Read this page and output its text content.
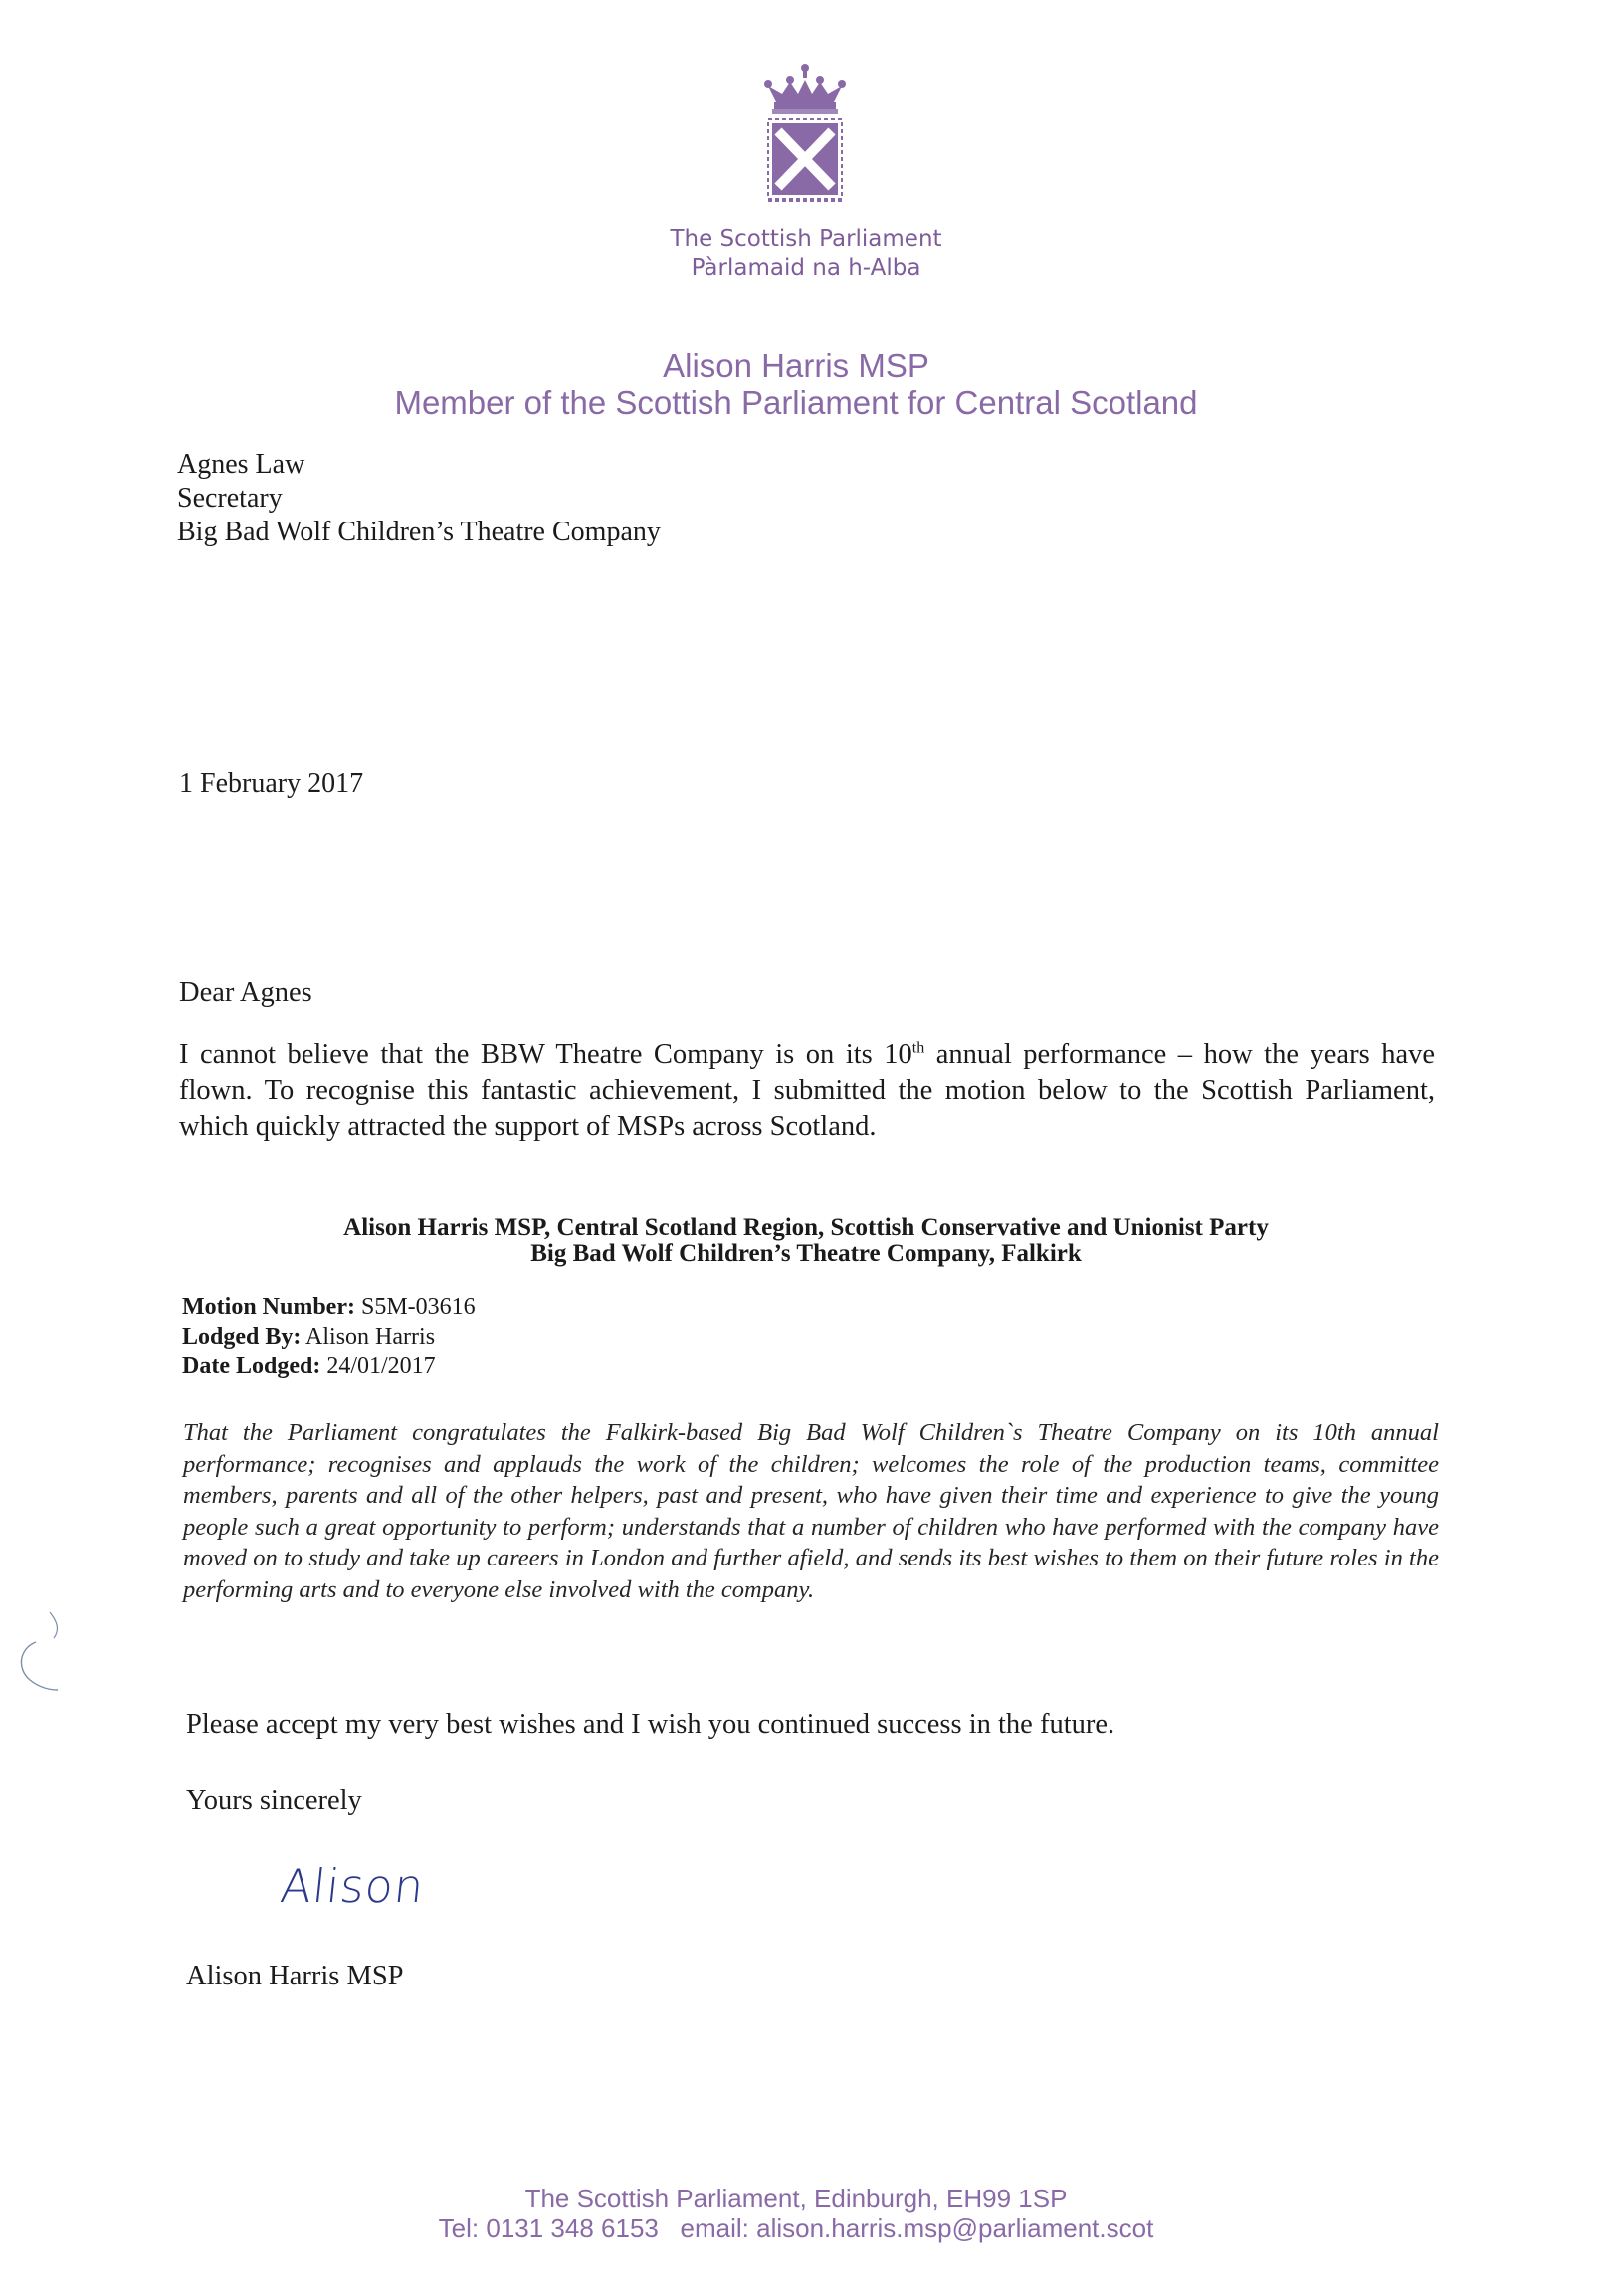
The Scottish Parliament
Pàrlamaid na h-Alba
Alison Harris MSP
Member of the Scottish Parliament for Central Scotland
Agnes Law
Secretary
Big Bad Wolf Children’s Theatre Company
1 February 2017
Dear Agnes
I cannot believe that the BBW Theatre Company is on its 10th annual performance – how the years have flown. To recognise this fantastic achievement, I submitted the motion below to the Scottish Parliament, which quickly attracted the support of MSPs across Scotland.
Alison Harris MSP, Central Scotland Region, Scottish Conservative and Unionist Party
Big Bad Wolf Children’s Theatre Company, Falkirk
Motion Number: S5M-03616
Lodged By: Alison Harris
Date Lodged: 24/01/2017
That the Parliament congratulates the Falkirk-based Big Bad Wolf Children`s Theatre Company on its 10th annual performance; recognises and applauds the work of the children; welcomes the role of the production teams, committee members, parents and all of the other helpers, past and present, who have given their time and experience to give the young people such a great opportunity to perform; understands that a number of children who have performed with the company have moved on to study and take up careers in London and further afield, and sends its best wishes to them on their future roles in the performing arts and to everyone else involved with the company.
Please accept my very best wishes and I wish you continued success in the future.
Yours sincerely
Alison
Alison Harris MSP
The Scottish Parliament, Edinburgh, EH99 1SP
Tel: 0131 348 6153   email: alison.harris.msp@parliament.scot
